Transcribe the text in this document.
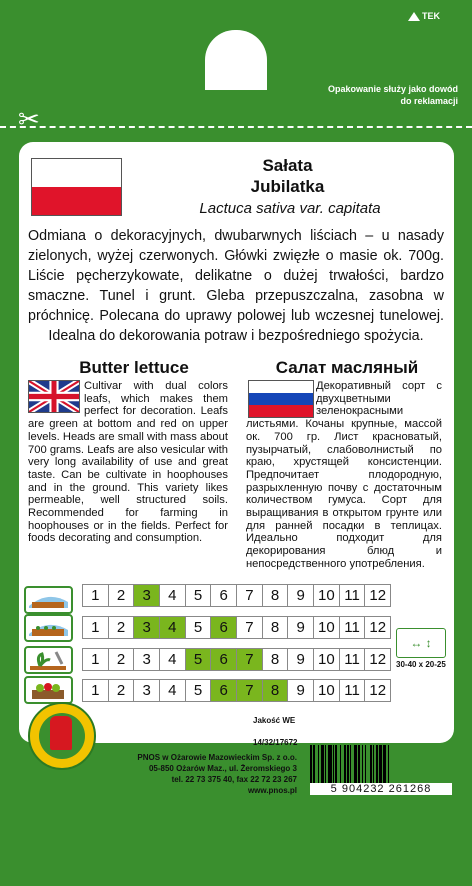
TEK
Opakowanie służy jako dowód do reklamacji
✂
Sałata
Jubilatka
Lactuca sativa var. capitata
Odmiana o dekoracyjnych, dwubarwnych liściach – u nasady zielonych, wyżej czerwonych. Główki zwięzłe o masie ok. 700g. Liście pęcherzykowate, delikatne o dużej trwałości, bardzo smaczne. Tunel i grunt. Gleba przepuszczalna, zasobna w próchnicę. Polecana do uprawy polowej lub wczesnej tunelowej. Idealna do dekorowania potraw i bezpośredniego spożycia.
Butter lettuce	Салат масляный
Cultivar with dual colors leafs, which makes them perfect for decoration. Leafs are green at bottom and red on upper levels. Heads are small with mass about 700 grams. Leafs are also vesicular with very long availability of use and great taste. Can be cultivate in hoophouses and in the ground. This variety likes permeable, well structured soils. Recommended for farming in hoophouses or in the fields. Perfect for foods decorating and consumption.
Декоративный сорт с двухцветными зеленокрасными листьями. Кочаны крупные, массой ок. 700 гр. Лист красноватый, пузырчатый, слабоволнистый по краю, хрустящей консистенции. Предпочитает плодородную, разрыхленную почву с достаточным количеством гумуса. Сорт для выращивания в открытом грунте или для ранней посадки в теплицах. Идеально подходит для декорирования блюд и непосредственного употребления.
1	2	3	4	5	6	7	8	9 10 11 12
1	2	3	4	5	6	7	8	9 10 11 12
1	2	3	4	5	6	7	8	9 10 11 12
1	2	3	4	5	6	7	8	9 10 11 12
↔ ↕
30-40 x 20-25
Jakość WE
14/32/17672
PNOS w Ożarowie Mazowieckim Sp. z o.o.
05-850 Ożarów Maz., ul. Żeromskiego 3
tel. 22 73 375 40, fax 22 72 23 267
www.pnos.pl	5 904232 261268
